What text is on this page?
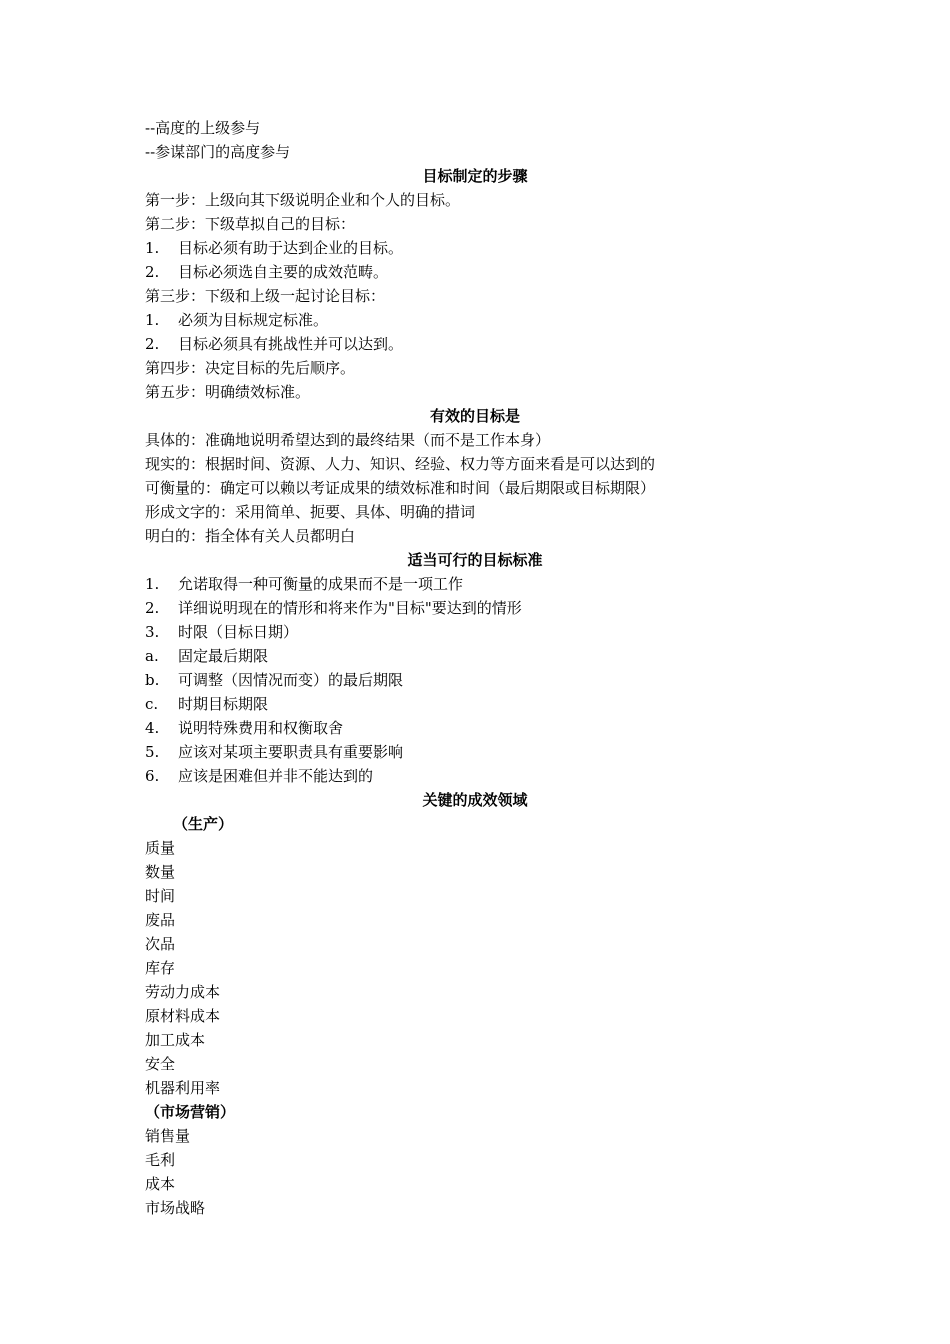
--高度的上级参与
--参谋部门的高度参与
目标制定的步骤
第一步：上级向其下级说明企业和个人的目标。
第二步：下级草拟自己的目标：
1. 目标必须有助于达到企业的目标。
2. 目标必须选自主要的成效范畴。
第三步：下级和上级一起讨论目标：
1. 必须为目标规定标准。
2. 目标必须具有挑战性并可以达到。
第四步：决定目标的先后顺序。
第五步：明确绩效标准。
有效的目标是
具体的：准确地说明希望达到的最终结果（而不是工作本身）
现实的：根据时间、资源、人力、知识、经验、权力等方面来看是可以达到的
可衡量的：确定可以赖以考证成果的绩效标准和时间（最后期限或目标期限）
形成文字的：采用简单、扼要、具体、明确的措词
明白的：指全体有关人员都明白
适当可行的目标标准
1. 允诺取得一种可衡量的成果而不是一项工作
2. 详细说明现在的情形和将来作为"目标"要达到的情形
3. 时限（目标日期）
a. 固定最后期限
b. 可调整（因情况而变）的最后期限
c. 时期目标期限
4. 说明特殊费用和权衡取舍
5. 应该对某项主要职责具有重要影响
6. 应该是困难但并非不能达到的
关键的成效领域
（生产）
质量
数量
时间
废品
次品
库存
劳动力成本
原材料成本
加工成本
安全
机器利用率
（市场营销）
销售量
毛利
成本
市场战略
